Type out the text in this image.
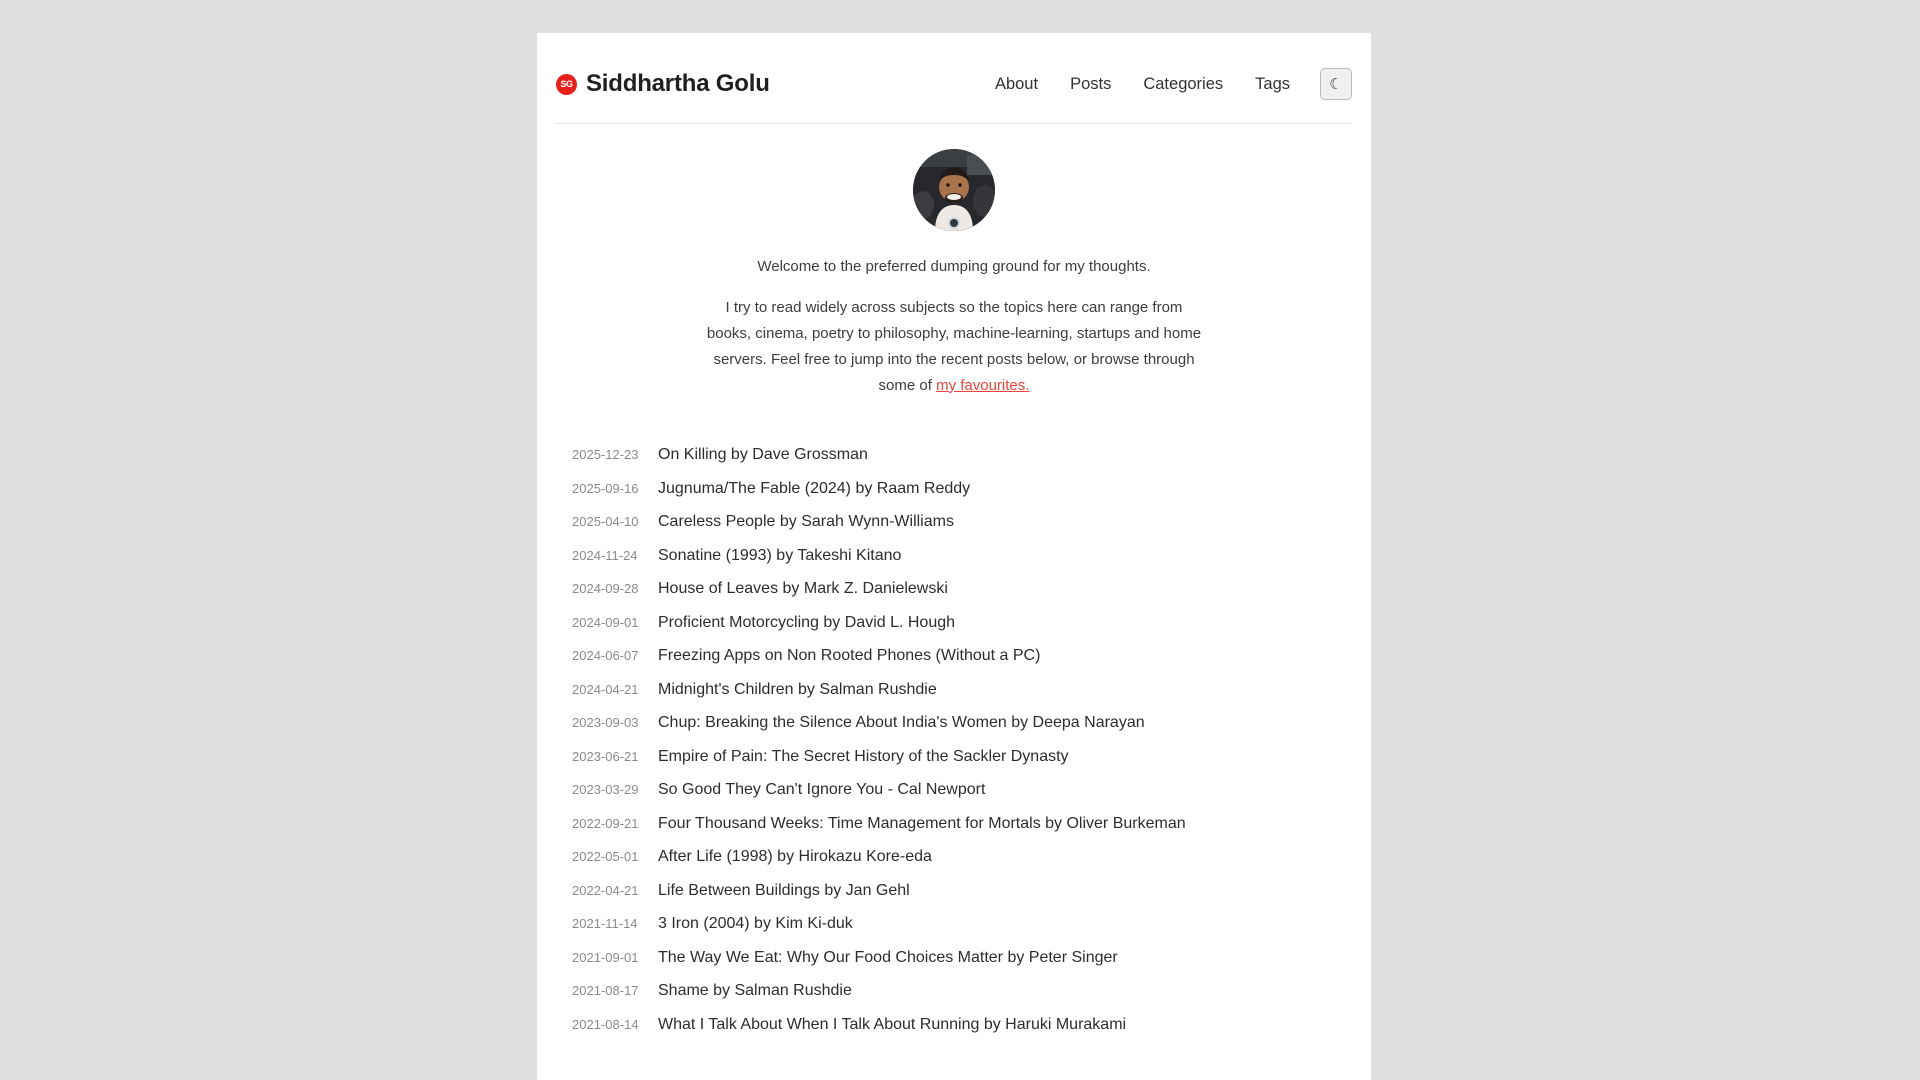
SG Siddhartha Golu	About	Posts	Categories	Tags	☾

Welcome to the preferred dumping ground for my thoughts.

I try to read widely across subjects so the topics here can range from books, cinema, poetry to philosophy, machine-learning, startups and home servers. Feel free to jump into the recent posts below, or browse through some of my favourites.

2025-12-23	On Killing by Dave Grossman
2025-09-16	Jugnuma/The Fable (2024) by Raam Reddy
2025-04-10	Careless People by Sarah Wynn-Williams
2024-11-24	Sonatine (1993) by Takeshi Kitano
2024-09-28	House of Leaves by Mark Z. Danielewski
2024-09-01	Proficient Motorcycling by David L. Hough
2024-06-07	Freezing Apps on Non Rooted Phones (Without a PC)
2024-04-21	Midnight's Children by Salman Rushdie
2023-09-03	Chup: Breaking the Silence About India's Women by Deepa Narayan
2023-06-21	Empire of Pain: The Secret History of the Sackler Dynasty
2023-03-29	So Good They Can't Ignore You - Cal Newport
2022-09-21	Four Thousand Weeks: Time Management for Mortals by Oliver Burkeman
2022-05-01	After Life (1998) by Hirokazu Kore-eda
2022-04-21	Life Between Buildings by Jan Gehl
2021-11-14	3 Iron (2004) by Kim Ki-duk
2021-09-01	The Way We Eat: Why Our Food Choices Matter by Peter Singer
2021-08-17	Shame by Salman Rushdie
2021-08-14	What I Talk About When I Talk About Running by Haruki Murakami
